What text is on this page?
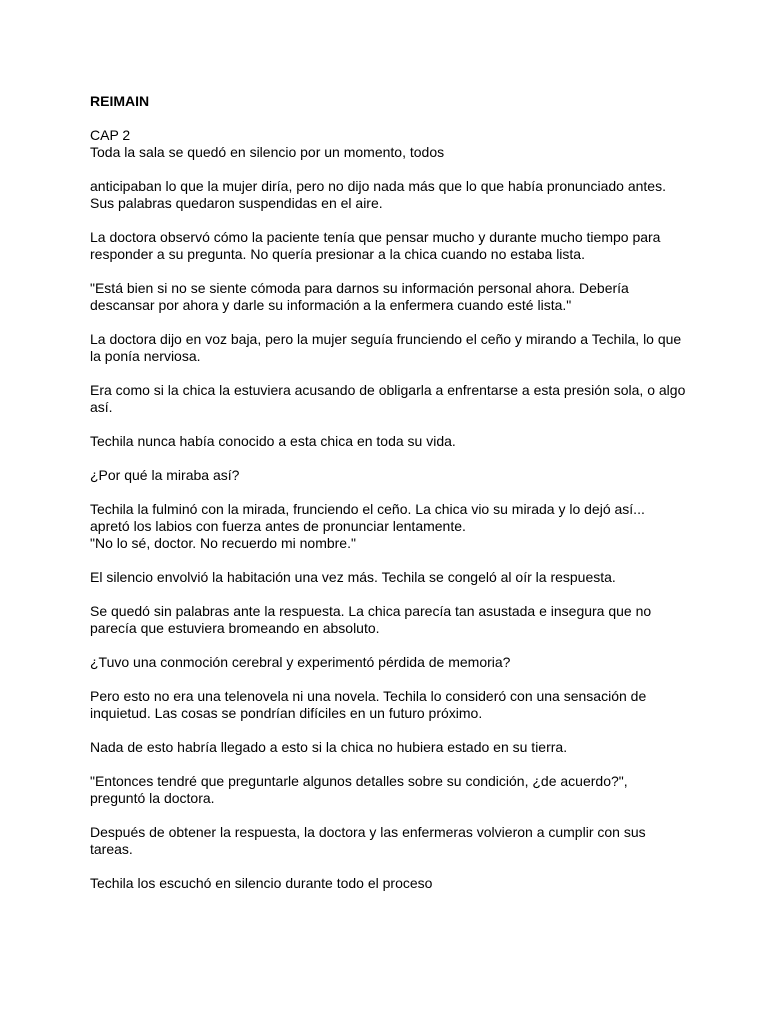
REIMAIN
CAP 2
Toda la sala se quedó en silencio por un momento, todos
anticipaban lo que la mujer diría, pero no dijo nada más que lo que había pronunciado antes.
Sus palabras quedaron suspendidas en el aire.
La doctora observó cómo la paciente tenía que pensar mucho y durante mucho tiempo para
responder a su pregunta. No quería presionar a la chica cuando no estaba lista.
"Está bien si no se siente cómoda para darnos su información personal ahora. Debería
descansar por ahora y darle su información a la enfermera cuando esté lista."
La doctora dijo en voz baja, pero la mujer seguía frunciendo el ceño y mirando a Techila, lo que
la ponía nerviosa.
Era como si la chica la estuviera acusando de obligarla a enfrentarse a esta presión sola, o algo
así.
Techila nunca había conocido a esta chica en toda su vida.
¿Por qué la miraba así?
Techila la fulminó con la mirada, frunciendo el ceño. La chica vio su mirada y lo dejó así...
apretó los labios con fuerza antes de pronunciar lentamente.
"No lo sé, doctor. No recuerdo mi nombre."
El silencio envolvió la habitación una vez más. Techila se congeló al oír la respuesta.
Se quedó sin palabras ante la respuesta. La chica parecía tan asustada e insegura que no
parecía que estuviera bromeando en absoluto.
¿Tuvo una conmoción cerebral y experimentó pérdida de memoria?
Pero esto no era una telenovela ni una novela. Techila lo consideró con una sensación de
inquietud. Las cosas se pondrían difíciles en un futuro próximo.
Nada de esto habría llegado a esto si la chica no hubiera estado en su tierra.
"Entonces tendré que preguntarle algunos detalles sobre su condición, ¿de acuerdo?",
preguntó la doctora.
Después de obtener la respuesta, la doctora y las enfermeras volvieron a cumplir con sus
tareas.
Techila los escuchó en silencio durante todo el proceso
